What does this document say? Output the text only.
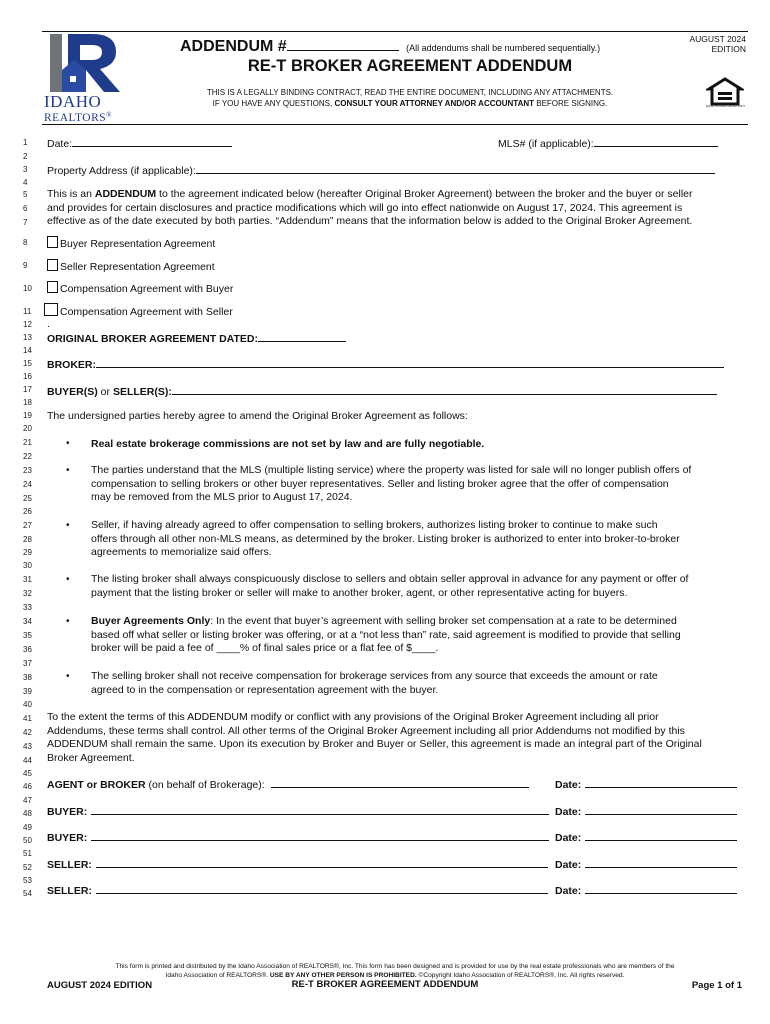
IDAHO
REALTORS®
ADDENDUM #	(All addendums shall be numbered sequentially.)
AUGUST 2024
EDITION
RE-T BROKER AGREEMENT ADDENDUM
THIS IS A LEGALLY BINDING CONTRACT, READ THE ENTIRE DOCUMENT, INCLUDING ANY ATTACHMENTS.
IF YOU HAVE ANY QUESTIONS, CONSULT YOUR ATTORNEY AND/OR ACCOUNTANT BEFORE SIGNING.	EQUAL HOUSING OPPORTUNITY
1
2
3
4
5
6
7
8
9
10
11
12
13
14
15
16
17
18
19
20
21
22
23
24
25
26
27
28
29
30
31
32
33
34
35
36
37
38
39
40
41
42
43
44
45
46
47
48
49
50
51
52
53
54
Date:	MLS# (if applicable):
Property Address (if applicable):
This is an ADDENDUM to the agreement indicated below (hereafter Original Broker Agreement) between the broker and the buyer or seller
and provides for certain disclosures and practice modifications which will go into effect nationwide on August 17, 2024. This agreement is
effective as of the date executed by both parties. “Addendum” means that the information below is added to the Original Broker Agreement.
Buyer Representation Agreement
Seller Representation Agreement
Compensation Agreement with Buyer
Compensation Agreement with Seller
.
ORIGINAL BROKER AGREEMENT DATED:
BROKER:
BUYER(S) or SELLER(S):
The undersigned parties hereby agree to amend the Original Broker Agreement as follows:
• Real estate brokerage commissions are not set by law and are fully negotiable.
• The parties understand that the MLS (multiple listing service) where the property was listed for sale will no longer publish offers of
compensation to selling brokers or other buyer representatives. Seller and listing broker agree that the offer of compensation
may be removed from the MLS prior to August 17, 2024.
• Seller, if having already agreed to offer compensation to selling brokers, authorizes listing broker to continue to make such
offers through all other non-MLS means, as determined by the broker. Listing broker is authorized to enter into broker-to-broker
agreements to memorialize said offers.
• The listing broker shall always conspicuously disclose to sellers and obtain seller approval in advance for any payment or offer of
payment that the listing broker or seller will make to another broker, agent, or other representative acting for buyers.
• Buyer Agreements Only: In the event that buyer’s agreement with selling broker set compensation at a rate to be determined
based off what seller or listing broker was offering, or at a “not less than” rate, said agreement is modified to provide that selling
broker will be paid a fee of ____% of final sales price or a flat fee of $____.
• The selling broker shall not receive compensation for brokerage services from any source that exceeds the amount or rate
agreed to in the compensation or representation agreement with the buyer.
To the extent the terms of this ADDENDUM modify or conflict with any provisions of the Original Broker Agreement including all prior
Addendums, these terms shall control. All other terms of the Original Broker Agreement including all prior Addendums not modified by this
ADDENDUM shall remain the same. Upon its execution by Broker and Buyer or Seller, this agreement is made an integral part of the Original
Broker Agreement.
AGENT or BROKER (on behalf of Brokerage):	Date:
BUYER:	Date:
BUYER:	Date:
SELLER:	Date:
SELLER:	Date:
This form is printed and distributed by the Idaho Association of REALTORS®, Inc. This form has been designed and is provided for use by the real estate professionals who are members of the
Idaho Association of REALTORS®. USE BY ANY OTHER PERSON IS PROHIBITED. ©Copyright Idaho Association of REALTORS®, Inc. All rights reserved.
AUGUST 2024 EDITION	RE-T BROKER AGREEMENT ADDENDUM	Page 1 of 1
